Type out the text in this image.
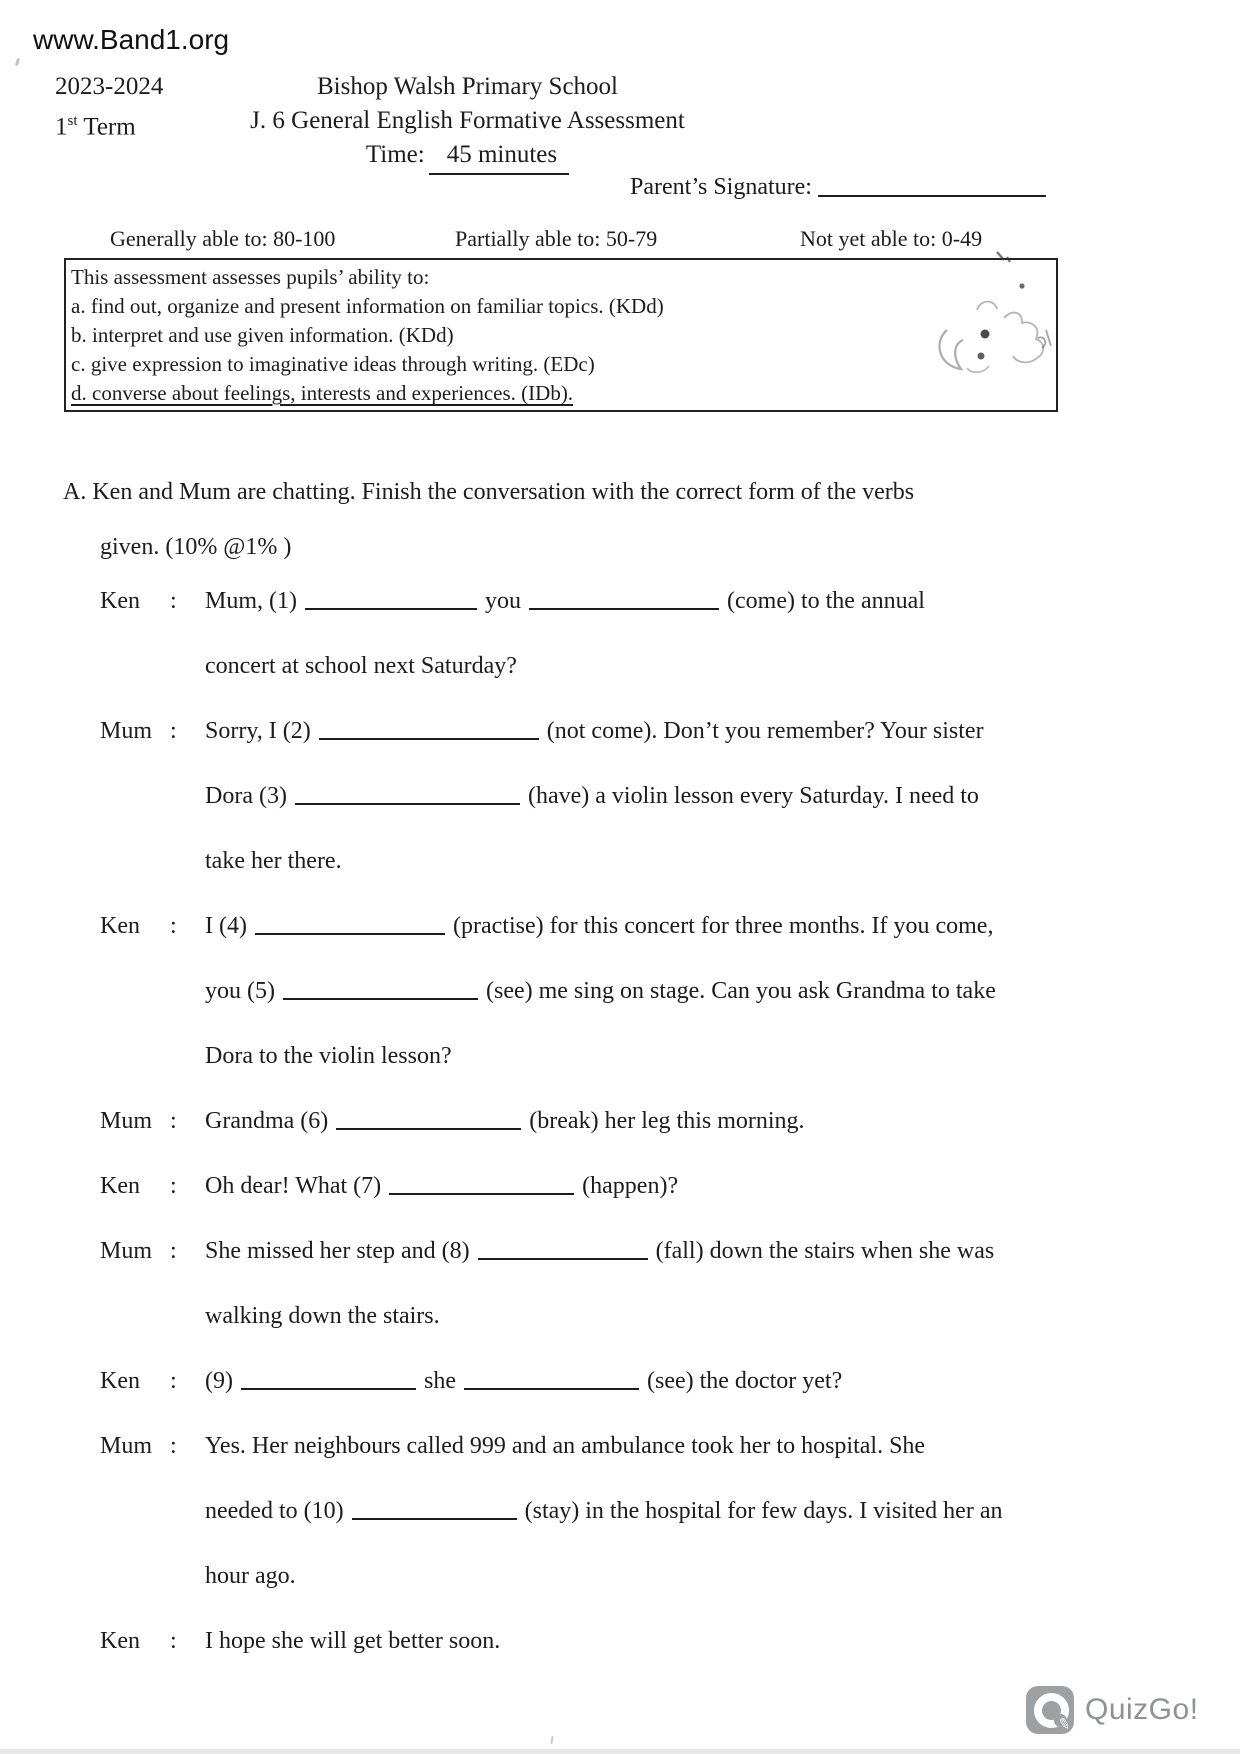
www.Band1.org
2023-2024
1st Term
Bishop Walsh Primary School
J. 6 General English Formative Assessment
Time: 45 minutes
Parent’s Signature:
Generally able to: 80-100	Partially able to: 50-79	Not yet able to: 0-49
This assessment assesses pupils’ ability to:
a. find out, organize and present information on familiar topics. (KDd)
b. interpret and use given information. (KDd)
c. give expression to imaginative ideas through writing. (EDc)
d. converse about feelings, interests and experiences. (IDb).
A. Ken and Mum are chatting. Finish the conversation with the correct form of the verbs
given. (10% @1% )
Ken	:	Mum, (1)	you	(come) to the annual
concert at school next Saturday?
Mum :	Sorry, I (2)	(not come). Don’t you remember? Your sister
Dora (3)	(have) a violin lesson every Saturday. I need to
take her there.
Ken	:	I (4)	(practise) for this concert for three months. If you come,
you (5)	(see) me sing on stage. Can you ask Grandma to take
Dora to the violin lesson?
Mum :	Grandma (6)	(break) her leg this morning.
Ken	:	Oh dear! What (7)	(happen)?
Mum :	She missed her step and (8)	(fall) down the stairs when she was
walking down the stairs.
Ken	:	(9)	she	(see) the doctor yet?
Mum :	Yes. Her neighbours called 999 and an ambulance took her to hospital. She
needed to (10)	(stay) in the hospital for few days. I visited her an
hour ago.
Ken	:	I hope she will get better soon.
✎ QuizGo!
